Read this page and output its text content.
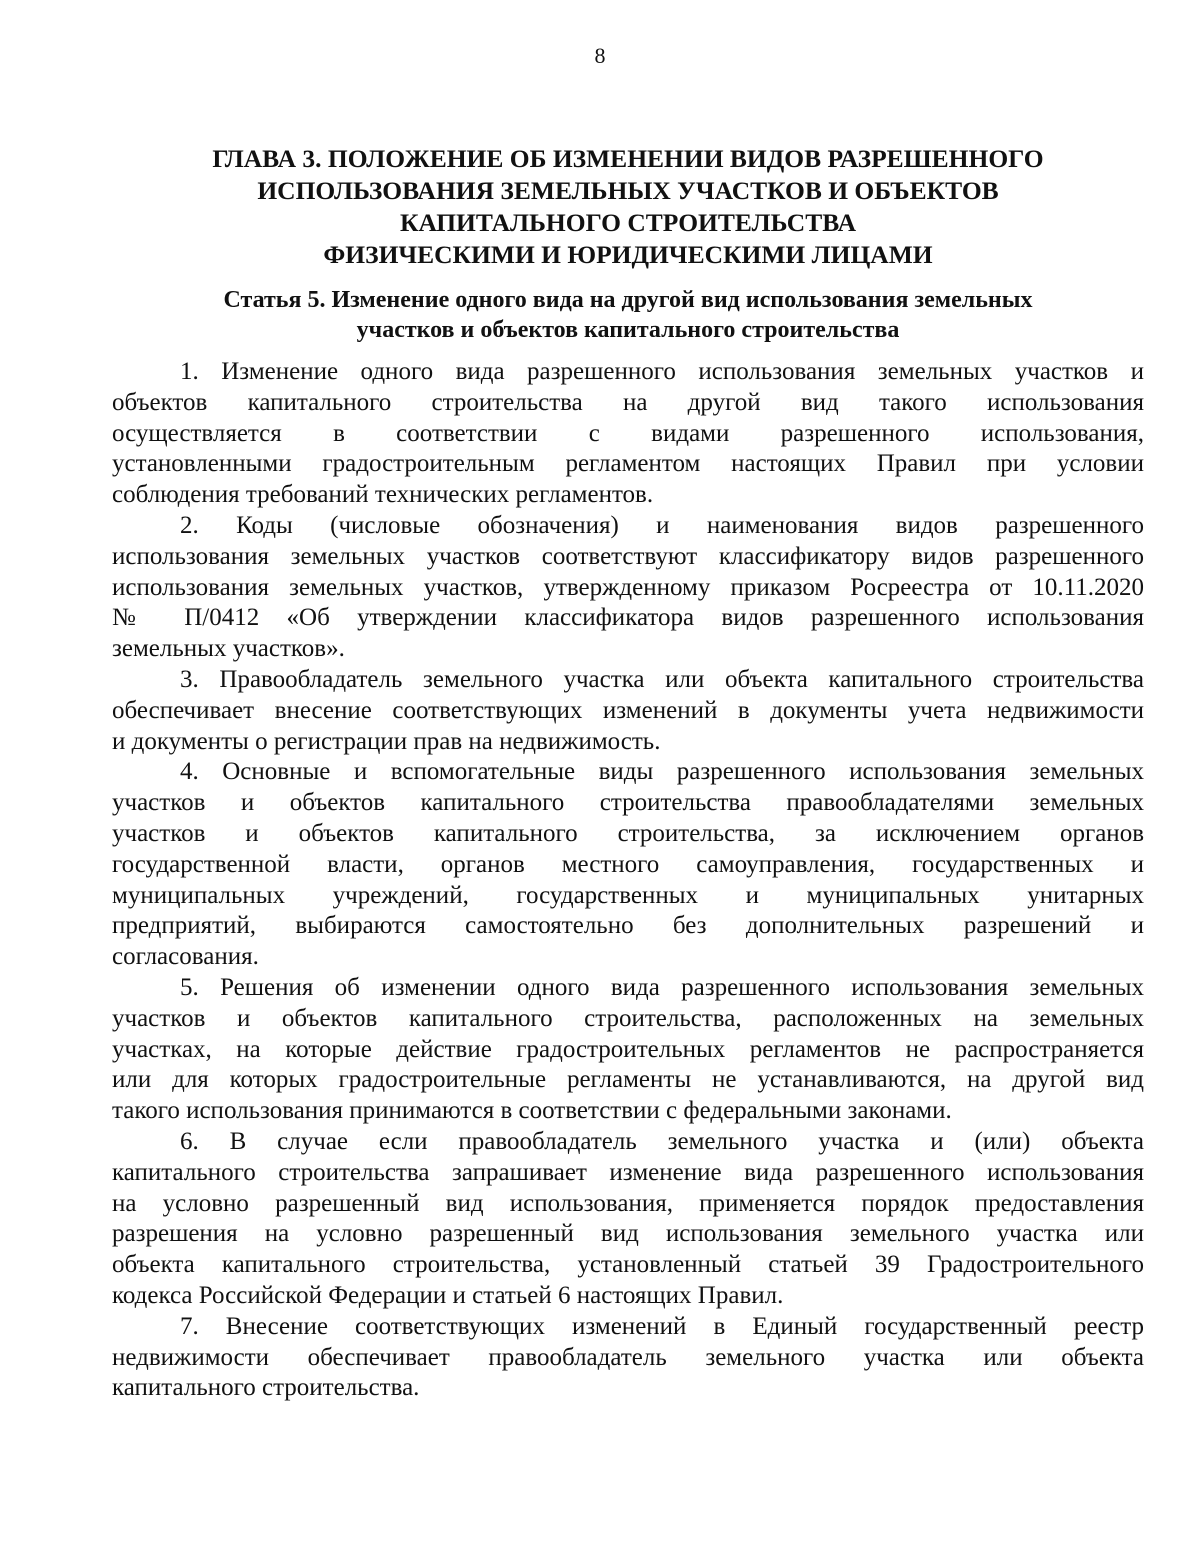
8
ГЛАВА 3. ПОЛОЖЕНИЕ ОБ ИЗМЕНЕНИИ ВИДОВ РАЗРЕШЕННОГО
ИСПОЛЬЗОВАНИЯ ЗЕМЕЛЬНЫХ УЧАСТКОВ И ОБЪЕКТОВ
КАПИТАЛЬНОГО СТРОИТЕЛЬСТВА
ФИЗИЧЕСКИМИ И ЮРИДИЧЕСКИМИ ЛИЦАМИ
Статья 5. Изменение одного вида на другой вид использования земельных
участков и объектов капитального строительства
1. Изменение одного вида разрешенного использования земельных участков и
объектов капитального строительства на другой вид такого использования
осуществляется в соответствии с видами разрешенного использования,
установленными градостроительным регламентом настоящих Правил при условии
соблюдения требований технических регламентов.
2. Коды (числовые обозначения) и наименования видов разрешенного
использования земельных участков соответствуют классификатору видов разрешенного
использования земельных участков, утвержденному приказом Росреестра от 10.11.2020
№ П/0412 «Об утверждении классификатора видов разрешенного использования
земельных участков».
3. Правообладатель земельного участка или объекта капитального строительства
обеспечивает внесение соответствующих изменений в документы учета недвижимости
и документы о регистрации прав на недвижимость.
4. Основные и вспомогательные виды разрешенного использования земельных
участков и объектов капитального строительства правообладателями земельных
участков и объектов капитального строительства, за исключением органов
государственной власти, органов местного самоуправления, государственных и
муниципальных учреждений, государственных и муниципальных унитарных
предприятий, выбираются самостоятельно без дополнительных разрешений и
согласования.
5. Решения об изменении одного вида разрешенного использования земельных
участков и объектов капитального строительства, расположенных на земельных
участках, на которые действие градостроительных регламентов не распространяется
или для которых градостроительные регламенты не устанавливаются, на другой вид
такого использования принимаются в соответствии с федеральными законами.
6. В случае если правообладатель земельного участка и (или) объекта
капитального строительства запрашивает изменение вида разрешенного использования
на условно разрешенный вид использования, применяется порядок предоставления
разрешения на условно разрешенный вид использования земельного участка или
объекта капитального строительства, установленный статьей 39 Градостроительного
кодекса Российской Федерации и статьей 6 настоящих Правил.
7. Внесение соответствующих изменений в Единый государственный реестр
недвижимости обеспечивает правообладатель земельного участка или объекта
капитального строительства.
